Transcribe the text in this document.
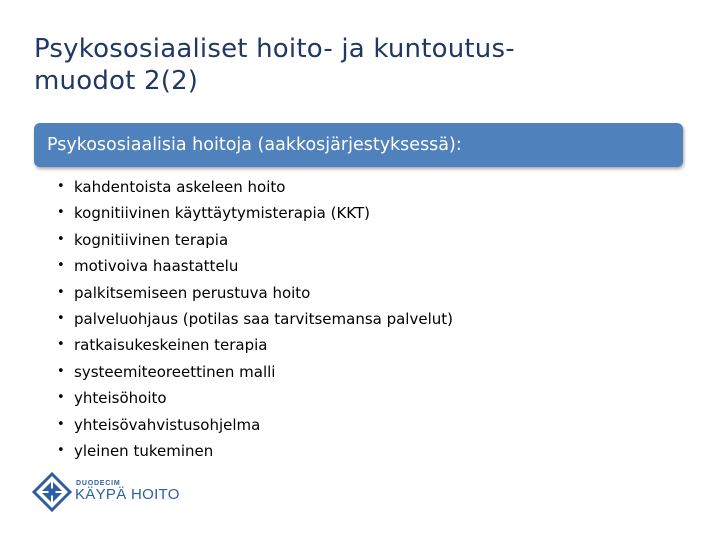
Psykososiaaliset hoito- ja kuntoutus-
muodot 2(2)
Psykososiaalisia hoitoja (aakkosjärjestyksessä):
• kahdentoista askeleen hoito
• kognitiivinen käyttäytymisterapia (KKT)
• kognitiivinen terapia
• motivoiva haastattelu
• palkitsemiseen perustuva hoito
• palveluohjaus (potilas saa tarvitsemansa palvelut)
• ratkaisukeskeinen terapia
• systeemiteoreettinen malli
• yhteisöhoito
• yhteisövahvistusohjelma
• yleinen tukeminen
DUODECIM
KÄYPÄ HOITO
